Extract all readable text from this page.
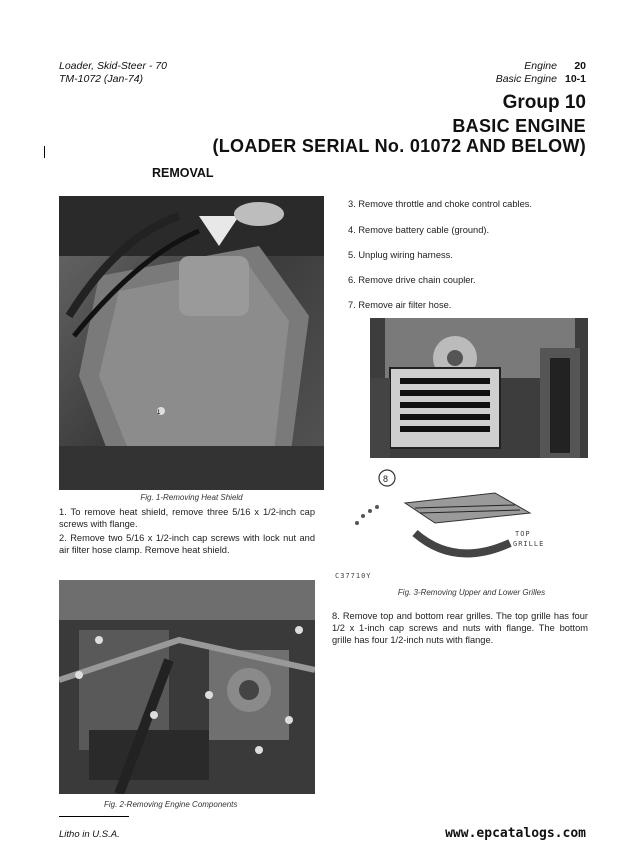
Loader, Skid-Steer - 70
TM-1072 (Jan-74)
Engine 20
Basic Engine 10-1
Group 10
BASIC ENGINE
(LOADER SERIAL No. 01072 AND BELOW)
REMOVAL
1
Fig. 1-Removing Heat Shield
1. To remove heat shield, remove three 5/16 x 1/2-inch cap screws with flange.
2. Remove two 5/16 x 1/2-inch cap screws with lock nut and air filter hose clamp. Remove heat shield.
Fig. 2-Removing Engine Components
3. Remove throttle and choke control cables.
4. Remove battery cable (ground).
5. Unplug wiring harness.
6. Remove drive chain coupler.
7. Remove air filter hose.
8
TOP
GRILLE
C37710Y
Fig. 3-Removing Upper and Lower Grilles
8. Remove top and bottom rear grilles. The top grille has four 1/2 x 1-inch cap screws and nuts with flange. The bottom grille has four 1/2-inch nuts with flange.
Litho in U.S.A.	www.epcatalogs.com
